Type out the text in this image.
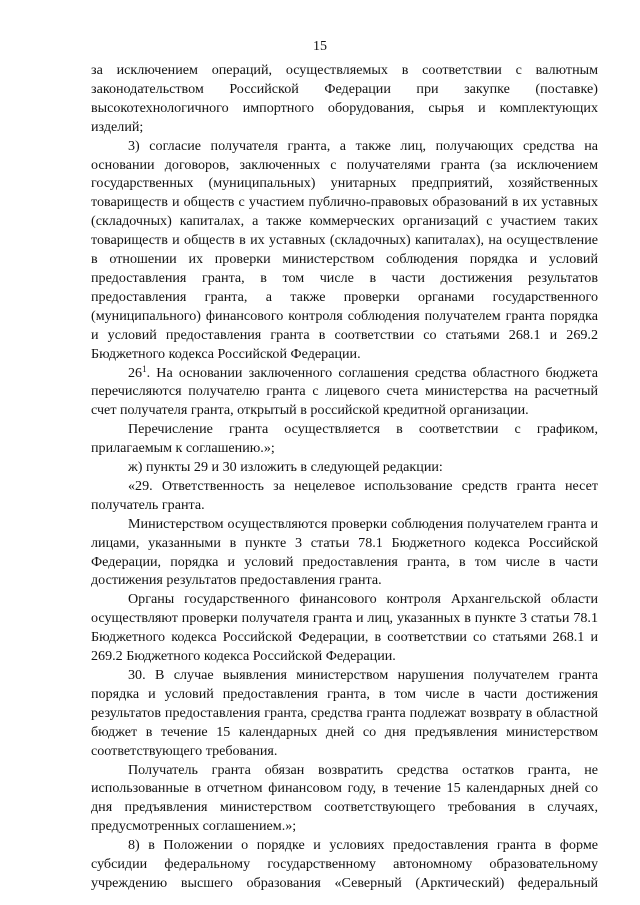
15

за исключением операций, осуществляемых в соответствии с валютным законодательством Российской Федерации при закупке (поставке) высокотехнологичного импортного оборудования, сырья и комплектующих изделий;

3) согласие получателя гранта, а также лиц, получающих средства на основании договоров, заключенных с получателями гранта (за исключением государственных (муниципальных) унитарных предприятий, хозяйственных товариществ и обществ с участием публично-правовых образований в их уставных (складочных) капиталах, а также коммерческих организаций с участием таких товариществ и обществ в их уставных (складочных) капиталах), на осуществление в отношении их проверки министерством соблюдения порядка и условий предоставления гранта, в том числе в части достижения результатов предоставления гранта, а также проверки органами государственного (муниципального) финансового контроля соблюдения получателем гранта порядка и условий предоставления гранта в соответствии со статьями 268.1 и 269.2 Бюджетного кодекса Российской Федерации.

$26^1$. На основании заключенного соглашения средства областного бюджета перечисляются получателю гранта с лицевого счета министерства на расчетный счет получателя гранта, открытый в российской кредитной организации.

Перечисление гранта осуществляется в соответствии с графиком, прилагаемым к соглашению.»;

ж) пункты 29 и 30 изложить в следующей редакции:

«29. Ответственность за нецелевое использование средств гранта несет получатель гранта.

Министерством осуществляются проверки соблюдения получателем гранта и лицами, указанными в пункте 3 статьи 78.1 Бюджетного кодекса Российской Федерации, порядка и условий предоставления гранта, в том числе в части достижения результатов предоставления гранта.

Органы государственного финансового контроля Архангельской области осуществляют проверки получателя гранта и лиц, указанных в пункте 3 статьи 78.1 Бюджетного кодекса Российской Федерации, в соответствии со статьями 268.1 и 269.2 Бюджетного кодекса Российской Федерации.

30. В случае выявления министерством нарушения получателем гранта порядка и условий предоставления гранта, в том числе в части достижения результатов предоставления гранта, средства гранта подлежат возврату в областной бюджет в течение 15 календарных дней со дня предъявления министерством соответствующего требования.

Получатель гранта обязан возвратить средства остатков гранта, не использованные в отчетном финансовом году, в течение 15 календарных дней со дня предъявления министерством соответствующего требования в случаях, предусмотренных соглашением.»;

8) в Положении о порядке и условиях предоставления гранта в форме субсидии федеральному государственному автономному образовательному учреждению высшего образования «Северный (Арктический) федеральный
